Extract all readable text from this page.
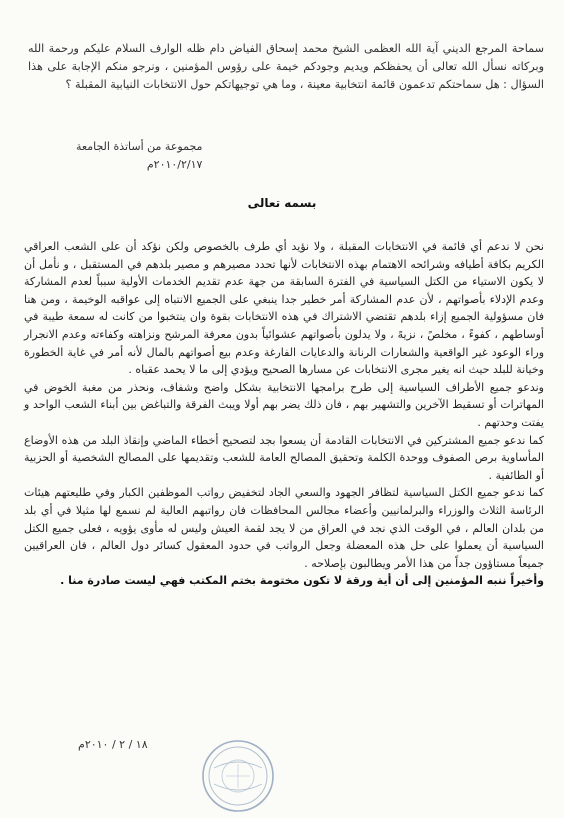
سماحة المرجع الديني آية الله العظمى الشيخ محمد إسحاق الفياض دام ظله الوارف السلام عليكم ورحمة الله وبركاته نسأل الله تعالى أن يحفظكم ويديم وجودكم خيمة على رؤوس المؤمنين ، ونرجو منكم الإجابة على هذا السؤال : هل سماحتكم تدعمون قائمة انتخابية معينة ، وما هي توجيهاتكم حول الانتخابات النيابية المقبلة ؟

مجموعة من أساتذة الجامعة
٢٠١٠/٢/١٧م
بسمه تعالى

نحن لا ندعم أي قائمة في الانتخابات المقبلة ، ولا نؤيد أي طرف بالخصوص ولكن نؤكد أن على الشعب العراقي الكريم بكافة أطيافه وشرائحه الاهتمام بهذه الانتخابات لأنها تحدد مصيرهم و مصير بلدهم في المستقبل ، و نأمل أن لا يكون الاستياء من الكتل السياسية في الفترة السابقة من جهة عدم تقديم الخدمات الأولية سبباً لعدم المشاركة وعدم الإدلاء بأصواتهم ، لأن عدم المشاركة أمر خطير جدا ينبغي على الجميع الانتباه إلى عواقبه الوخيمة ، ومن هنا فان مسؤولية الجميع إزاء بلدهم تقتضي الاشتراك في هذه الانتخابات بقوة وان ينتخبوا من كانت له سمعة طيبة في أوساطهم ، كفوءً ، مخلصً ، نزيهً ، ولا يدلون بأصواتهم عشوائياً بدون معرفة المرشح ونزاهته وكفاءته وعدم الانجرار وراء الوعود غير الواقعية والشعارات الرنانة والدعايات الفارغة وعدم بيع أصواتهم بالمال لأنه أمر في غاية الخطورة وخيانة للبلد حيث انه يغير مجرى الانتخابات عن مسارها الصحيح ويؤدي إلى ما لا يحمد عقباه .

وندعو جميع الأطراف السياسية إلى طرح برامجها الانتخابية بشكل واضح وشفاف، ونحذر من مغبة الخوض في المهاترات أو تسقيط الآخرين والتشهير بهم ، فان ذلك يضر بهم أولا ويبث الفرقة والتباغض بين أبناء الشعب الواحد و يفتت وحدتهم .

كما ندعو جميع المشتركين في الانتخابات القادمة أن يسعوا بجد لتصحيح أخطاء الماضي وإنقاذ البلد من هذه الأوضاع المأساوية برص الصفوف ووحدة الكلمة وتحقيق المصالح العامة للشعب وتقديمها على المصالح الشخصية أو الحزبية أو الطائفية .

كما ندعو جميع الكتل السياسية لتظافر الجهود والسعي الجاد لتخفيض رواتب الموظفين الكبار وفي طليعتهم هيئات الرئاسة الثلاث والوزراء والبرلمانيين وأعضاء مجالس المحافظات فان رواتبهم العالية لم نسمع لها مثيلا في أي بلد من بلدان العالم ، في الوقت الذي نجد في العراق من لا يجد لقمة العيش وليس له مأوى يؤويه ، فعلى جميع الكتل السياسية أن يعملوا على حل هذه المعضلة وجعل الرواتب في حدود المعقول كسائر دول العالم ، فان العراقيين جميعاً مستاؤون جداً من هذا الأمر ويطالبون بإصلاحه .

وأخيراً ننبه المؤمنين إلى أن أية ورقة لا تكون مختومة بختم المكتب فهي ليست صادرة منا .

١٨ / ٢ / ٢٠١٠م
